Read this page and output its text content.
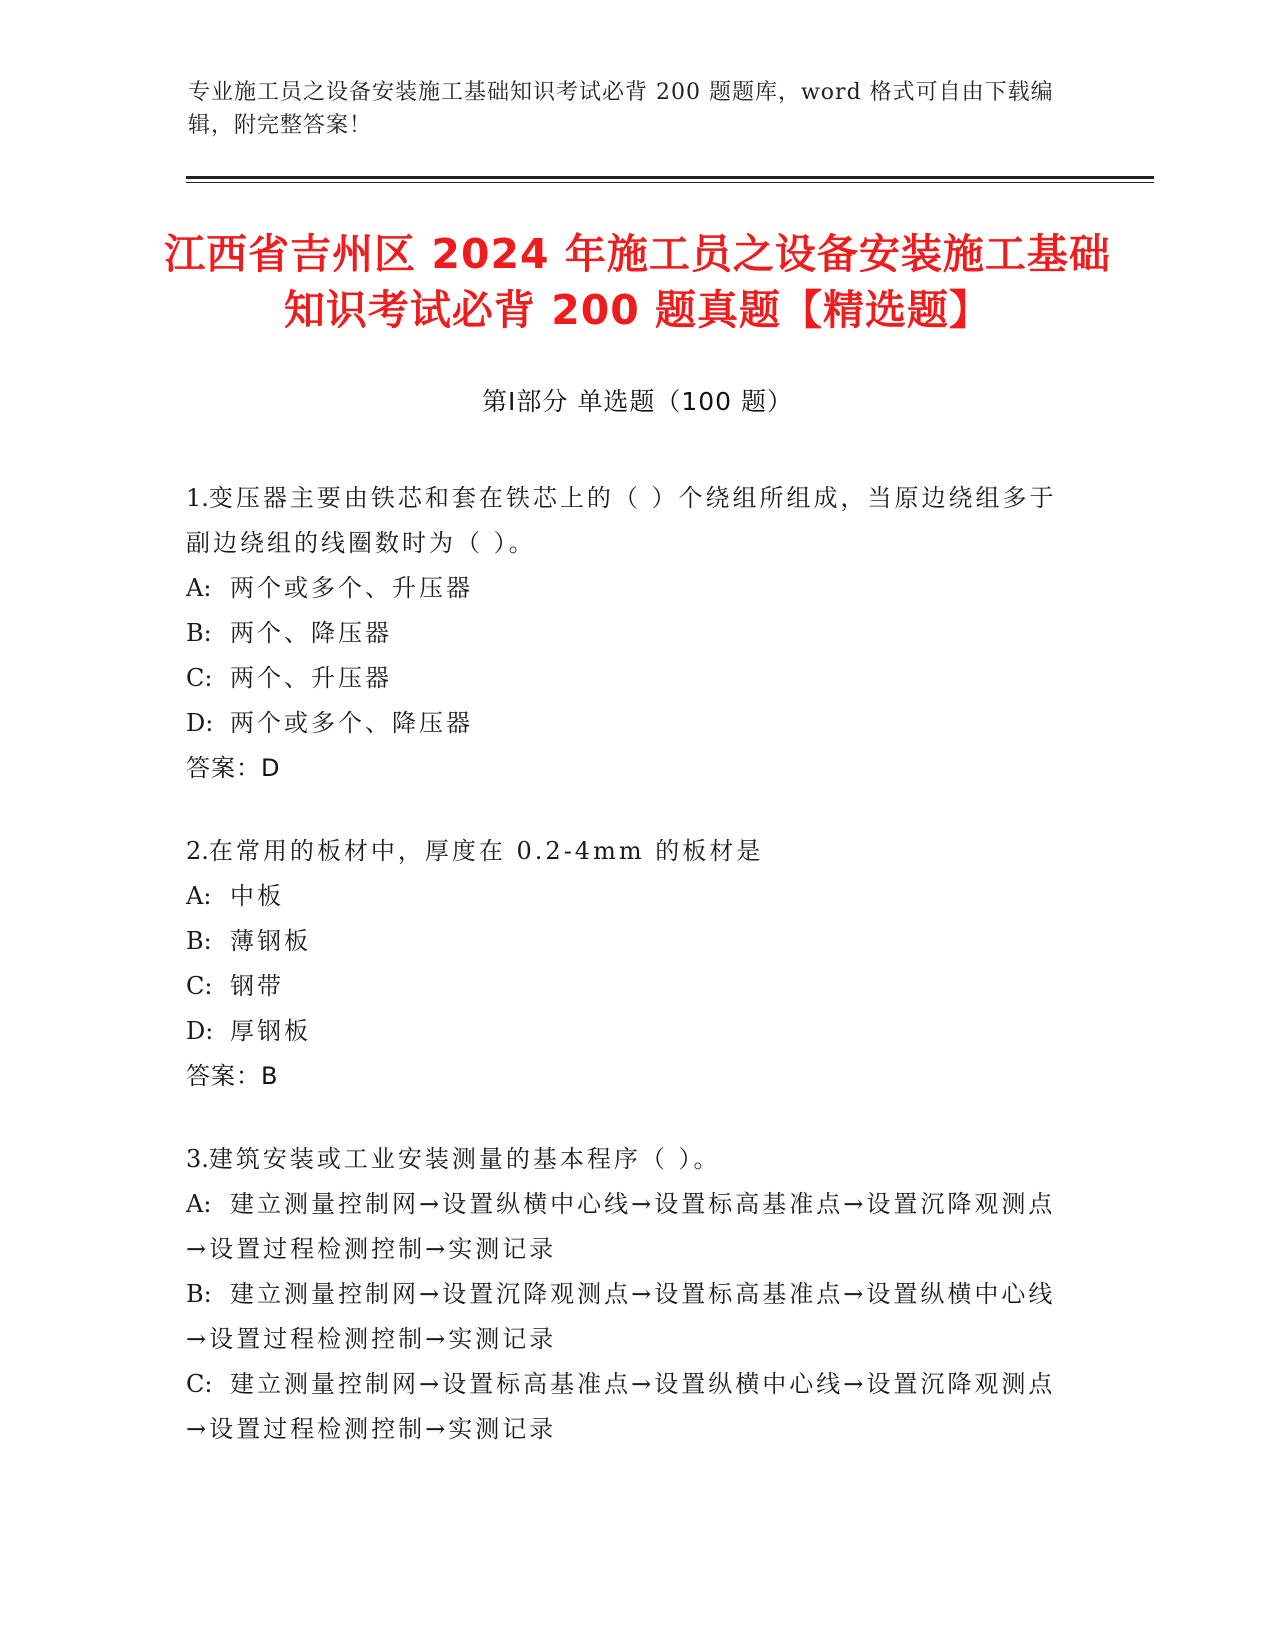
专业施工员之设备安装施工基础知识考试必背 200 题题库，word 格式可自由下载编辑，附完整答案！
江西省吉州区 2024 年施工员之设备安装施工基础知识考试必背 200 题真题【精选题】
第Ⅰ部分 单选题（100 题）
1.变压器主要由铁芯和套在铁芯上的（ ）个绕组所组成，当原边绕组多于副边绕组的线圈数时为（ ）。
A: 两个或多个、升压器
B: 两个、降压器
C: 两个、升压器
D: 两个或多个、降压器
答案：D
2.在常用的板材中，厚度在 0.2-4mm 的板材是
A: 中板
B: 薄钢板
C: 钢带
D: 厚钢板
答案：B
3.建筑安装或工业安装测量的基本程序（ ）。
A: 建立测量控制网→设置纵横中心线→设置标高基准点→设置沉降观测点→设置过程检测控制→实测记录
B: 建立测量控制网→设置沉降观测点→设置标高基准点→设置纵横中心线→设置过程检测控制→实测记录
C: 建立测量控制网→设置标高基准点→设置纵横中心线→设置沉降观测点→设置过程检测控制→实测记录
